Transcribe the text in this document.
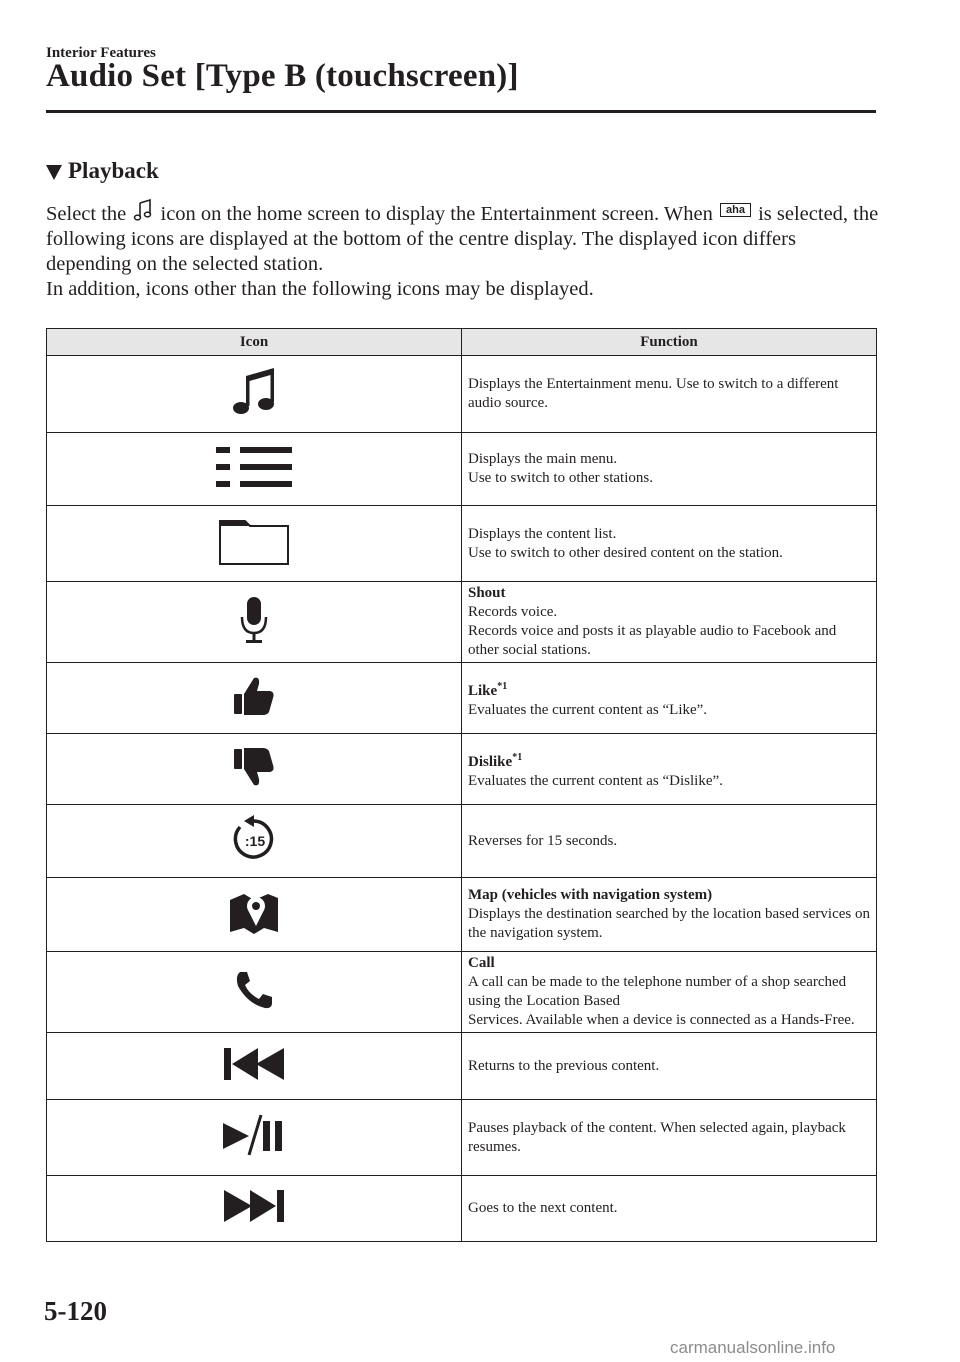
Interior Features
Audio Set [Type B (touchscreen)]
Playback

Select the icon on the home screen to display the Entertainment screen. When aha is selected, the following icons are displayed at the bottom of the centre display. The displayed icon differs depending on the selected station.

In addition, icons other than the following icons may be displayed.

Icon	Function

Displays the Entertainment menu. Use to switch to a different audio source.

Displays the main menu.
Use to switch to other stations.

Displays the content list.
Use to switch to other desired content on the station.

Shout
Records voice.
Records voice and posts it as playable audio to Facebook and other social stations.

Like$^{*1}$
Evaluates the current content as “Like”.

Dislike$^{*1}$
Evaluates the current content as “Dislike”.

:15	Reverses for 15 seconds.

Map (vehicles with navigation system)
Displays the destination searched by the location based services on the navigation system.

Call
A call can be made to the telephone number of a shop searched using the Location Based
Services. Available when a device is connected as a Hands-Free.

Returns to the previous content.

Pauses playback of the content. When selected again, playback resumes.

Goes to the next content.
5-120
carmanualsonline.info
